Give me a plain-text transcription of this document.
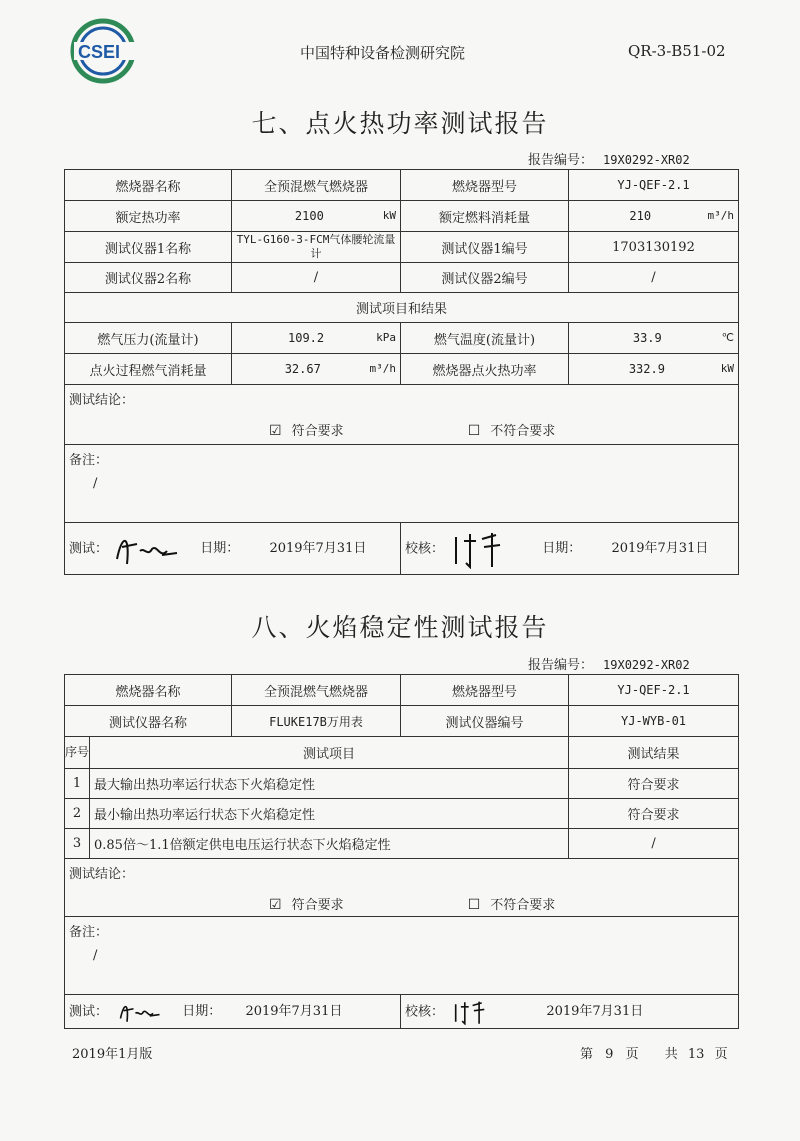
CSEI	中国特种设备检测研究院	QR-3-B51-02
七、点火热功率测试报告
报告编号： 19X0292-XR02
燃烧器名称	全预混燃气燃烧器	燃烧器型号	YJ-QEF-2.1
额定热功率	2100 kW	额定燃料消耗量	210 m³/h

测试仪器1名称	TYL-G160-3-FCM气体腰轮流量计	测试仪器1编号	1703130192
测试仪器2名称	/	测试仪器2编号	/
测试项目和结果			
燃气压力(流量计)	109.2 kPa	燃气温度(流量计)	33.9 ℃

点火过程燃气消耗量	32.67 m³/h	燃烧器点火热功率	332.9 kW

测试结论：
☑ 符合要求 ☐ 不符合要求			

备注：
/			

测试： 日期： 2019年7月31日		校核： 日期： 2019年7月31日	
八、火焰稳定性测试报告
报告编号： 19X0292-XR02
燃烧器名称		全预混燃气燃烧器	燃烧器型号	YJ-QEF-2.1
测试仪器名称		FLUKE17B万用表	测试仪器编号	YJ-WYB-01
序号	测试项目			测试结果
1	最大输出热功率运行状态下火焰稳定性			符合要求
2	最小输出热功率运行状态下火焰稳定性			符合要求
3	0.85倍～1.1倍额定供电电压运行状态下火焰稳定性			/

测试结论：
☑ 符合要求 ☐ 不符合要求				

备注：
/				

测试： 日期： 2019年7月31日			校核： 2019年7月31日	
2019年1月版	第 9 页 共 13 页
